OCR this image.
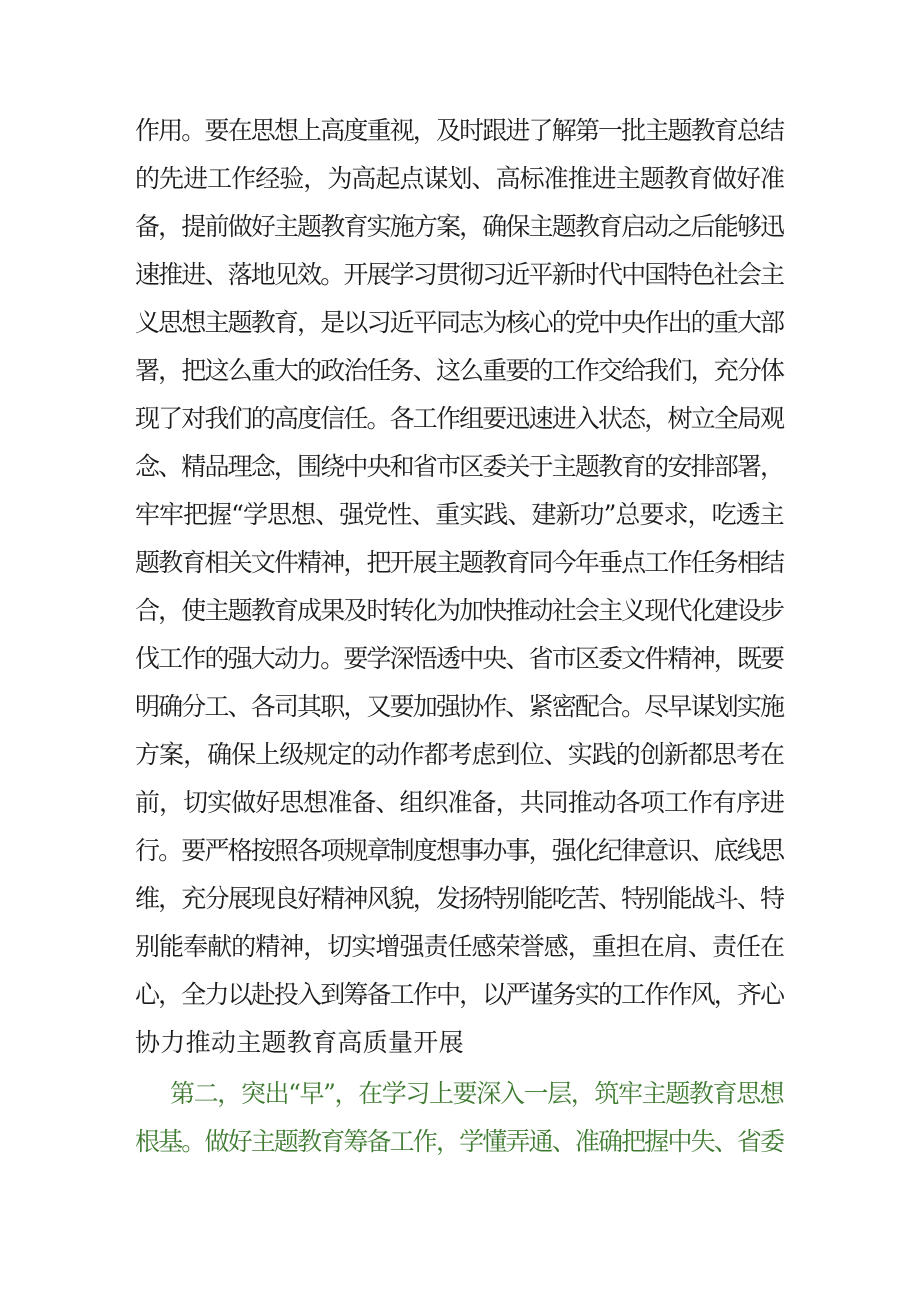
作用。要在思想上高度重视，及时跟进了解第一批主题教育总结
的先进工作经验，为高起点谋划、高标准推进主题教育做好准
备，提前做好主题教育实施方案，确保主题教育启动之后能够迅
速推进、落地见效。开展学习贯彻习近平新时代中国特色社会主
义思想主题教育，是以习近平同志为核心的党中央作出的重大部
署，把这么重大的政治任务、这么重要的工作交给我们，充分体
现了对我们的高度信任。各工作组要迅速进入状态，树立全局观
念、精品理念，围绕中央和省市区委关于主题教育的安排部署，
牢牢把握“学思想、强党性、重实践、建新功”总要求，吃透主
题教育相关文件精神，把开展主题教育同今年垂点工作任务相结
合，使主题教育成果及时转化为加快推动社会主义现代化建设步
伐工作的强大动力。要学深悟透中央、省市区委文件精神，既要
明确分工、各司其职，又要加强协作、紧密配合。尽早谋划实施
方案，确保上级规定的动作都考虑到位、实践的创新都思考在
前，切实做好思想准备、组织准备，共同推动各项工作有序进
行。要严格按照各项规章制度想事办事，强化纪律意识、底线思
维，充分展现良好精神风貌，发扬特别能吃苦、特别能战斗、特
别能奉献的精神，切实增强责任感荣誉感，重担在肩、责任在
心，全力以赴投入到筹备工作中，以严谨务实的工作作风，齐心
协力推动主题教育高质量开展
第二，突出“早”，在学习上要深入一层，筑牢主题教育思想
根基。做好主题教育筹备工作，学懂弄通、准确把握中失、省委
